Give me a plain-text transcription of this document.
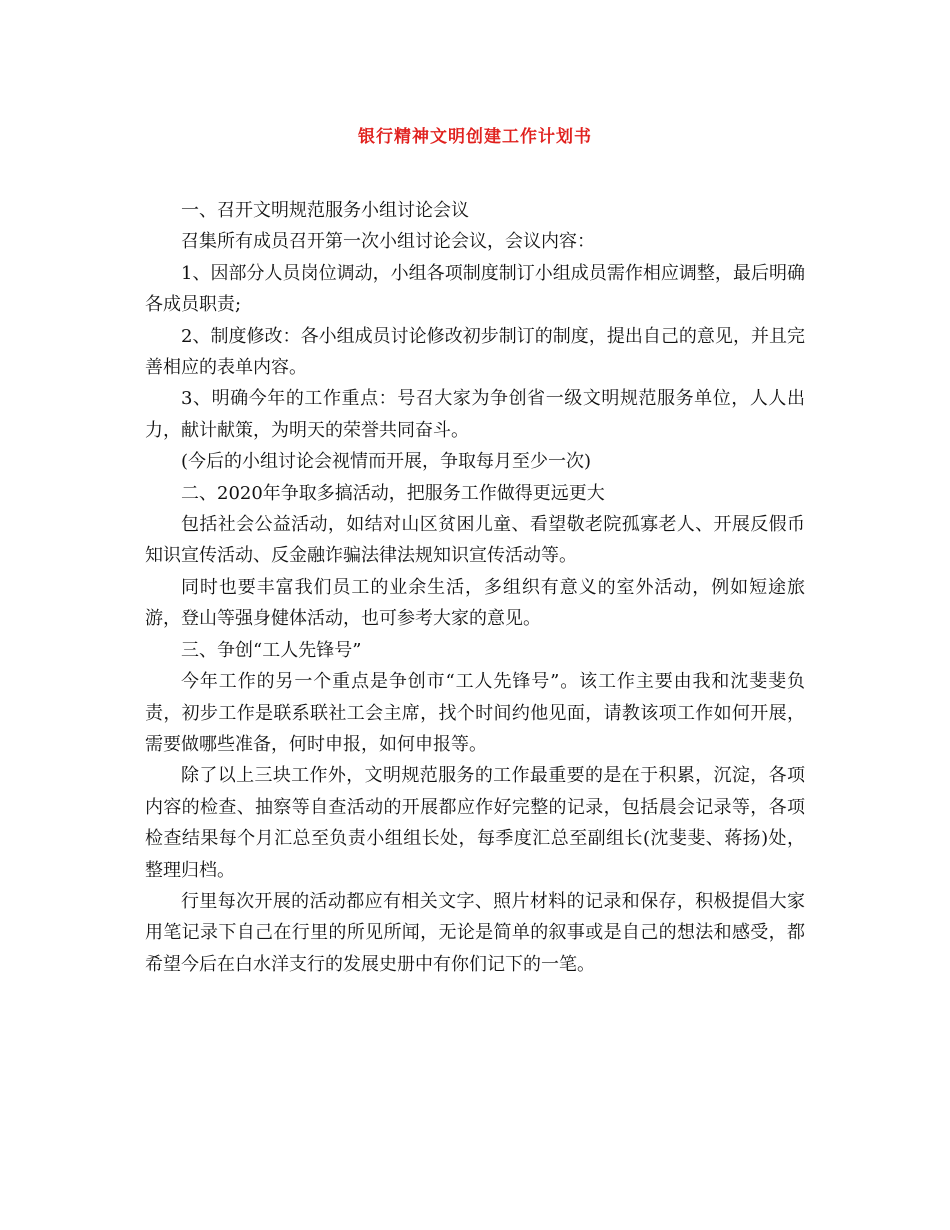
银行精神文明创建工作计划书

一、召开文明规范服务小组讨论会议

召集所有成员召开第一次小组讨论会议，会议内容：

1、因部分人员岗位调动，小组各项制度制订小组成员需作相应调整，最后明确各成员职责;

2、制度修改：各小组成员讨论修改初步制订的制度，提出自己的意见，并且完善相应的表单内容。

3、明确今年的工作重点：号召大家为争创省一级文明规范服务单位，人人出力，献计献策，为明天的荣誉共同奋斗。

(今后的小组讨论会视情而开展，争取每月至少一次)

二、2020年争取多搞活动，把服务工作做得更远更大

包括社会公益活动，如结对山区贫困儿童、看望敬老院孤寡老人、开展反假币知识宣传活动、反金融诈骗法律法规知识宣传活动等。

同时也要丰富我们员工的业余生活，多组织有意义的室外活动，例如短途旅游，登山等强身健体活动，也可参考大家的意见。

三、争创“工人先锋号”

今年工作的另一个重点是争创市“工人先锋号”。该工作主要由我和沈斐斐负责，初步工作是联系联社工会主席，找个时间约他见面，请教该项工作如何开展，需要做哪些准备，何时申报，如何申报等。

除了以上三块工作外，文明规范服务的工作最重要的是在于积累，沉淀，各项内容的检查、抽察等自查活动的开展都应作好完整的记录，包括晨会记录等，各项检查结果每个月汇总至负责小组组长处，每季度汇总至副组长(沈斐斐、蒋扬)处，整理归档。

行里每次开展的活动都应有相关文字、照片材料的记录和保存，积极提倡大家用笔记录下自己在行里的所见所闻，无论是简单的叙事或是自己的想法和感受，都希望今后在白水洋支行的发展史册中有你们记下的一笔。
